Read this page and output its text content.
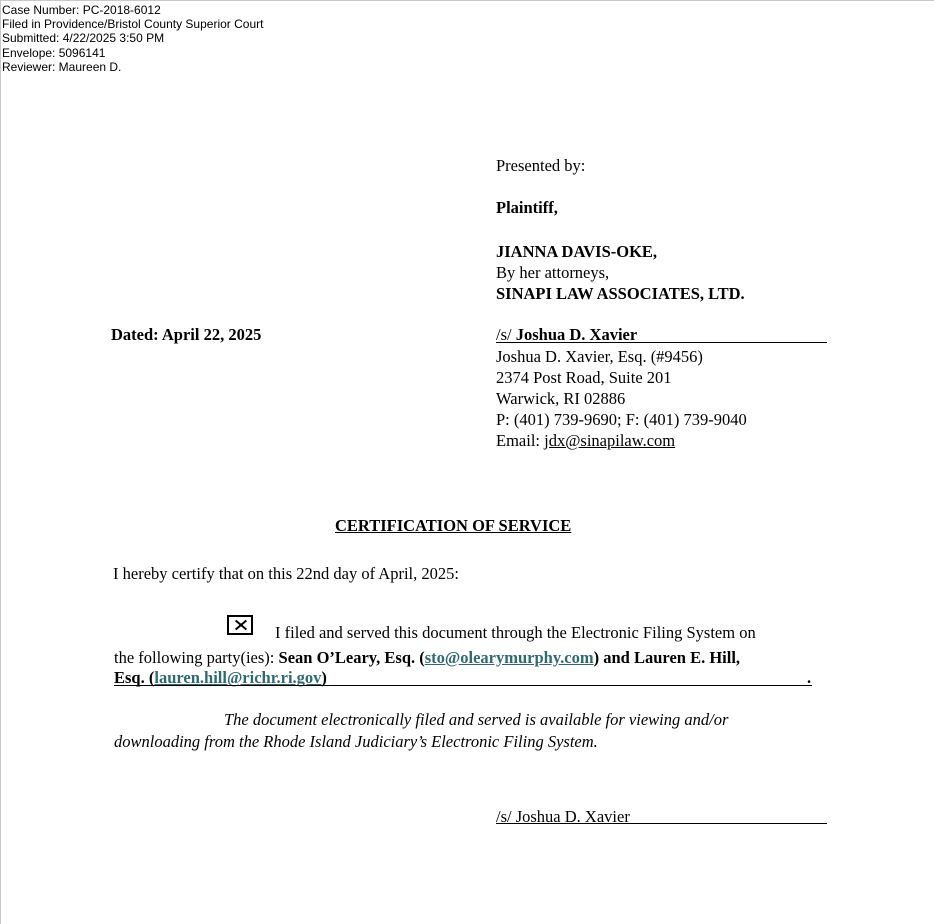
Case Number: PC-2018-6012
Filed in Providence/Bristol County Superior Court
Submitted: 4/22/2025 3:50 PM
Envelope: 5096141
Reviewer: Maureen D.
Presented by:
Plaintiff,
JIANNA DAVIS-OKE,
By her attorneys,
SINAPI LAW ASSOCIATES, LTD.
Dated: April 22, 2025	/s/ Joshua D. Xavier
Joshua D. Xavier, Esq. (#9456)
2374 Post Road, Suite 201
Warwick, RI 02886
P: (401) 739-9690; F: (401) 739-9040
Email: jdx@sinapilaw.com
CERTIFICATION OF SERVICE
I hereby certify that on this 22nd day of April, 2025:
I filed and served this document through the Electronic Filing System on
the following party(ies): Sean O’Leary, Esq. (sto@olearymurphy.com) and Lauren E. Hill,
Esq. (lauren.hill@richr.ri.gov)	.
The document electronically filed and served is available for viewing and/or
downloading from the Rhode Island Judiciary’s Electronic Filing System.
/s/ Joshua D. Xavier
